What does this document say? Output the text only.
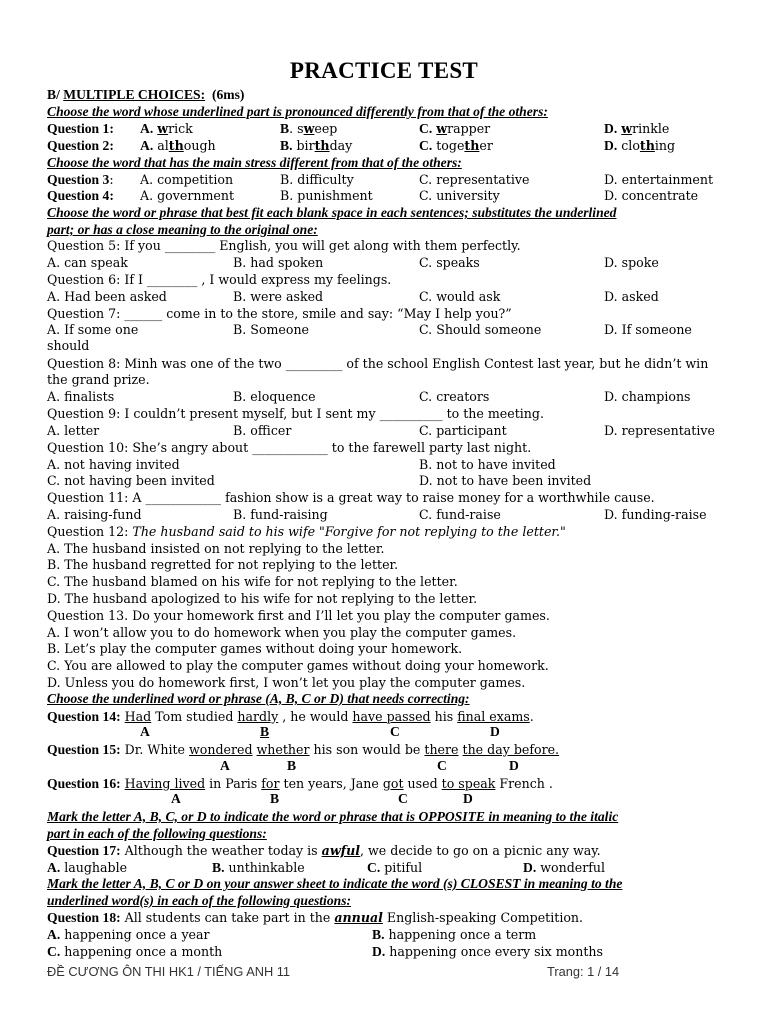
PRACTICE TEST
B/ MULTIPLE CHOICES: (6ms)
Choose the word whose underlined part is pronounced differently from that of the others:
Question 1: A. wrick	B. sweep	C. wrapper	D. wrinkle
Question 2: A. although	B. birthday	C. together	D. clothing
Choose the word that has the main stress different from that of the others:
Question 3: A. competition	B. difficulty	C. representative	D. entertainment
Question 4: A. government	B. punishment	C. university	D. concentrate
Choose the word or phrase that best fit each blank space in each sentences; substitutes the underlined
part; or has a close meaning to the original one:
Question 5: If you ________ English, you will get along with them perfectly.
A. can speak	B. had spoken	C. speaks	D. spoke
Question 6: If I ________ , I would express my feelings.
A. Had been asked	B. were asked	C. would ask	D. asked
Question 7: ______ come in to the store, smile and say: “May I help you?”
A. If some one
should
B. Someone	C. Should someone	D. If someone
Question 8: Minh was one of the two _________ of the school English Contest last year, but he didn’t win
the grand prize.
A. finalists	B. eloquence	C. creators	D. champions
Question 9: I couldn’t present myself, but I sent my __________ to the meeting.
A. letter	B. officer	C. participant	D. representative
Question 10: She’s angry about ____________ to the farewell party last night.
A. not having invited	B. not to have invited
C. not having been invited	D. not to have been invited
Question 11: A ____________ fashion show is a great way to raise money for a worthwhile cause.
A. raising-fund	B. fund-raising	C. fund-raise	D. funding-raise
Question 12: The husband said to his wife "Forgive for not replying to the letter."
A. The husband insisted on not replying to the letter.
B. The husband regretted for not replying to the letter.
C. The husband blamed on his wife for not replying to the letter.
D. The husband apologized to his wife for not replying to the letter.
Question 13. Do your homework first and I’ll let you play the computer games.
A. I won’t allow you to do homework when you play the computer games.
B. Let’s play the computer games without doing your homework.
C. You are allowed to play the computer games without doing your homework.
D. Unless you do homework first, I won’t let you play the computer games.
Choose the underlined word or phrase (A, B, C or D) that needs correcting:
Question 14: Had Tom studied hardly , he would have passed his final exams.
A	B	C	D
Question 15: Dr. White wondered whether his son would be there the day before.
A	B	C	D
Question 16: Having lived in Paris for ten years, Jane got used to speak French .
A	B	C	D
Mark the letter A, B, C, or D to indicate the word or phrase that is OPPOSITE in meaning to the italic
part in each of the following questions:
Question 17: Although the weather today is awful, we decide to go on a picnic any way.
A. laughable	B. unthinkable	C. pitiful	D. wonderful
Mark the letter A, B, C or D on your answer sheet to indicate the word (s) CLOSEST in meaning to the
underlined word(s) in each of the following questions:
Question 18: All students can take part in the annual English-speaking Competition.
A. happening once a year	B. happening once a term
C. happening once a month	D. happening once every six months
ĐỀ CƯƠNG ÔN THI HK1 / TIẾNG ANH 11	Trang: 1 / 14
